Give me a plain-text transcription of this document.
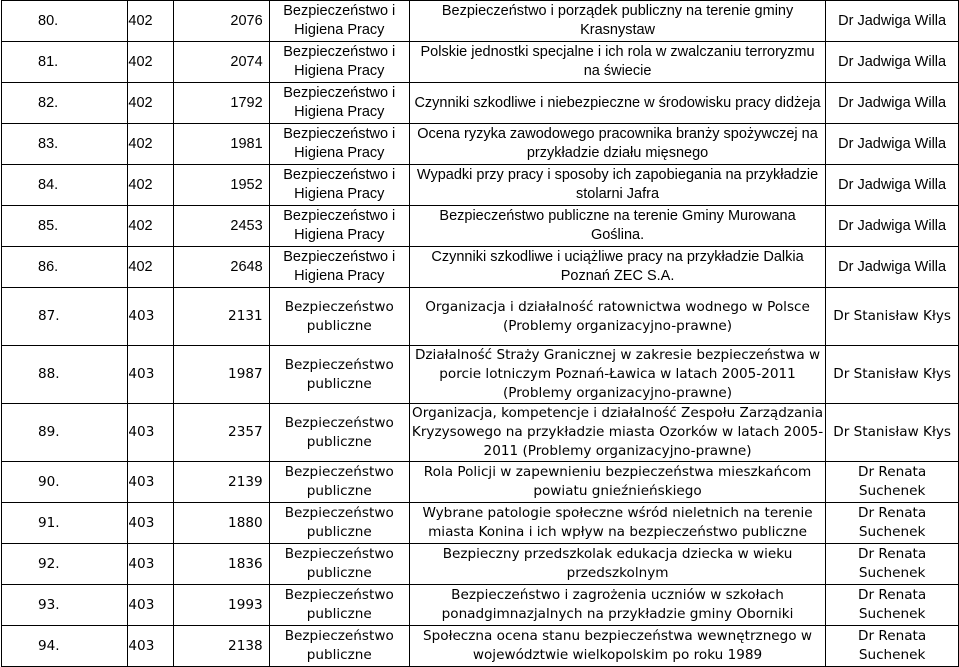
80.	402	2076	Bezpieczeństwo i Higiena Pracy	Bezpieczeństwo i porządek publiczny na terenie gminy Krasnystaw	Dr Jadwiga Willa
81.	402	2074	Bezpieczeństwo i Higiena Pracy	Polskie jednostki specjalne i ich rola w zwalczaniu terroryzmu na świecie	Dr Jadwiga Willa
82.	402	1792	Bezpieczeństwo i Higiena Pracy	Czynniki szkodliwe i niebezpieczne w środowisku pracy didżeja	Dr Jadwiga Willa
83.	402	1981	Bezpieczeństwo i Higiena Pracy	Ocena ryzyka zawodowego pracownika branży spożywczej na przykładzie działu mięsnego	Dr Jadwiga Willa
84.	402	1952	Bezpieczeństwo i Higiena Pracy	Wypadki przy pracy i sposoby ich zapobiegania na przykładzie stolarni Jafra	Dr Jadwiga Willa
85.	402	2453	Bezpieczeństwo i Higiena Pracy	Bezpieczeństwo publiczne na terenie Gminy Murowana Goślina.	Dr Jadwiga Willa
86.	402	2648	Bezpieczeństwo i Higiena Pracy	Czynniki szkodliwe i uciążliwe pracy na przykładzie Dalkia Poznań ZEC S.A.	Dr Jadwiga Willa
87.	403	2131	Bezpieczeństwo publiczne	Organizacja i działalność ratownictwa wodnego w Polsce (Problemy organizacyjno-prawne)	Dr Stanisław Kłys
88.	403	1987	Bezpieczeństwo publiczne	Działalność Straży Granicznej w zakresie bezpieczeństwa w porcie lotniczym Poznań-Ławica w latach 2005-2011 (Problemy organizacyjno-prawne)	Dr Stanisław Kłys
89.	403	2357	Bezpieczeństwo publiczne	Organizacja, kompetencje i działalność Zespołu Zarządzania Kryzysowego na przykładzie miasta Ozorków w latach 2005-2011 (Problemy organizacyjno-prawne)	Dr Stanisław Kłys
90.	403	2139	Bezpieczeństwo publiczne	Rola Policji w zapewnieniu bezpieczeństwa mieszkańcom powiatu gnieźnieńskiego	Dr Renata Suchenek
91.	403	1880	Bezpieczeństwo publiczne	Wybrane patologie społeczne wśród nieletnich na terenie miasta Konina i ich wpływ na bezpieczeństwo publiczne	Dr Renata Suchenek
92.	403	1836	Bezpieczeństwo publiczne	Bezpieczny przedszkolak edukacja dziecka w wieku przedszkolnym	Dr Renata Suchenek
93.	403	1993	Bezpieczeństwo publiczne	Bezpieczeństwo i zagrożenia uczniów w szkołach ponadgimnazjalnych na przykładzie gminy Oborniki	Dr Renata Suchenek
94.	403	2138	Bezpieczeństwo publiczne	Społeczna ocena stanu bezpieczeństwa wewnętrznego w województwie wielkopolskim po roku 1989	Dr Renata Suchenek
